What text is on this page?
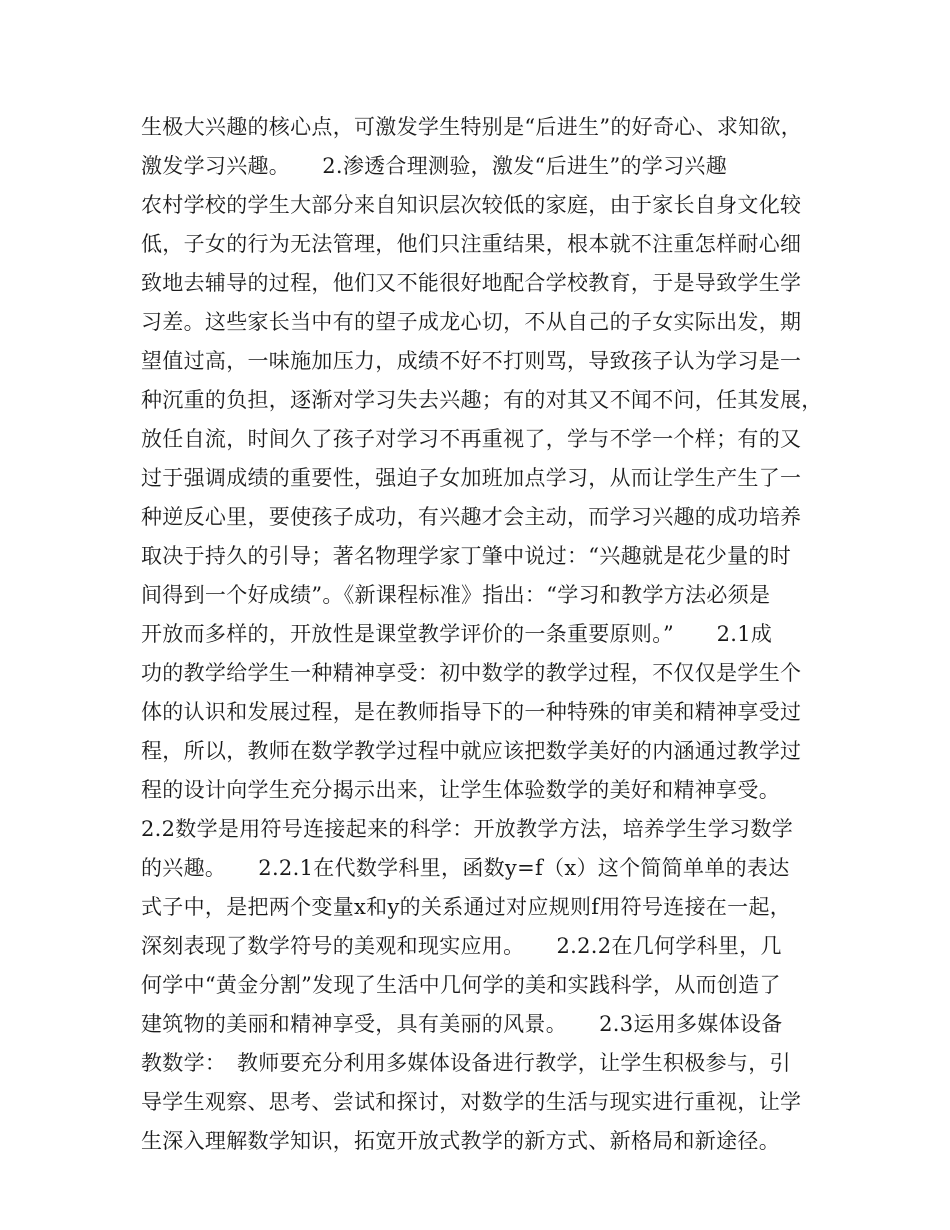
生极大兴趣的核心点，可激发学生特别是“后进生”的好奇心、求知欲，
激发学习兴趣。　　2.渗透合理测验，激发“后进生”的学习兴趣
农村学校的学生大部分来自知识层次较低的家庭，由于家长自身文化较
低，子女的行为无法管理，他们只注重结果，根本就不注重怎样耐心细
致地去辅导的过程，他们又不能很好地配合学校教育，于是导致学生学
习差。这些家长当中有的望子成龙心切，不从自己的子女实际出发，期
望值过高，一味施加压力，成绩不好不打则骂，导致孩子认为学习是一
种沉重的负担，逐渐对学习失去兴趣；有的对其又不闻不问，任其发展，
放任自流，时间久了孩子对学习不再重视了，学与不学一个样；有的又
过于强调成绩的重要性，强迫子女加班加点学习，从而让学生产生了一
种逆反心里，要使孩子成功，有兴趣才会主动，而学习兴趣的成功培养
取决于持久的引导；著名物理学家丁肇中说过：“兴趣就是花少量的时
间得到一个好成绩”。《新课程标准》指出：“学习和教学方法必须是
开放而多样的，开放性是课堂教学评价的一条重要原则。”　　2.1成
功的教学给学生一种精神享受：初中数学的教学过程，不仅仅是学生个
体的认识和发展过程，是在教师指导下的一种特殊的审美和精神享受过
程，所以，教师在数学教学过程中就应该把数学美好的内涵通过教学过
程的设计向学生充分揭示出来，让学生体验数学的美好和精神享受。
2.2数学是用符号连接起来的科学：开放教学方法，培养学生学习数学
的兴趣。　　2.2.1在代数学科里，函数y=f（x）这个简简单单的表达
式子中，是把两个变量x和y的关系通过对应规则f用符号连接在一起，
深刻表现了数学符号的美观和现实应用。　　2.2.2在几何学科里，几
何学中“黄金分割”发现了生活中几何学的美和实践科学，从而创造了
建筑物的美丽和精神享受，具有美丽的风景。　　2.3运用多媒体设备
教数学：　教师要充分利用多媒体设备进行教学，让学生积极参与，引
导学生观察、思考、尝试和探讨，对数学的生活与现实进行重视，让学
生深入理解数学知识，拓宽开放式教学的新方式、新格局和新途径。
